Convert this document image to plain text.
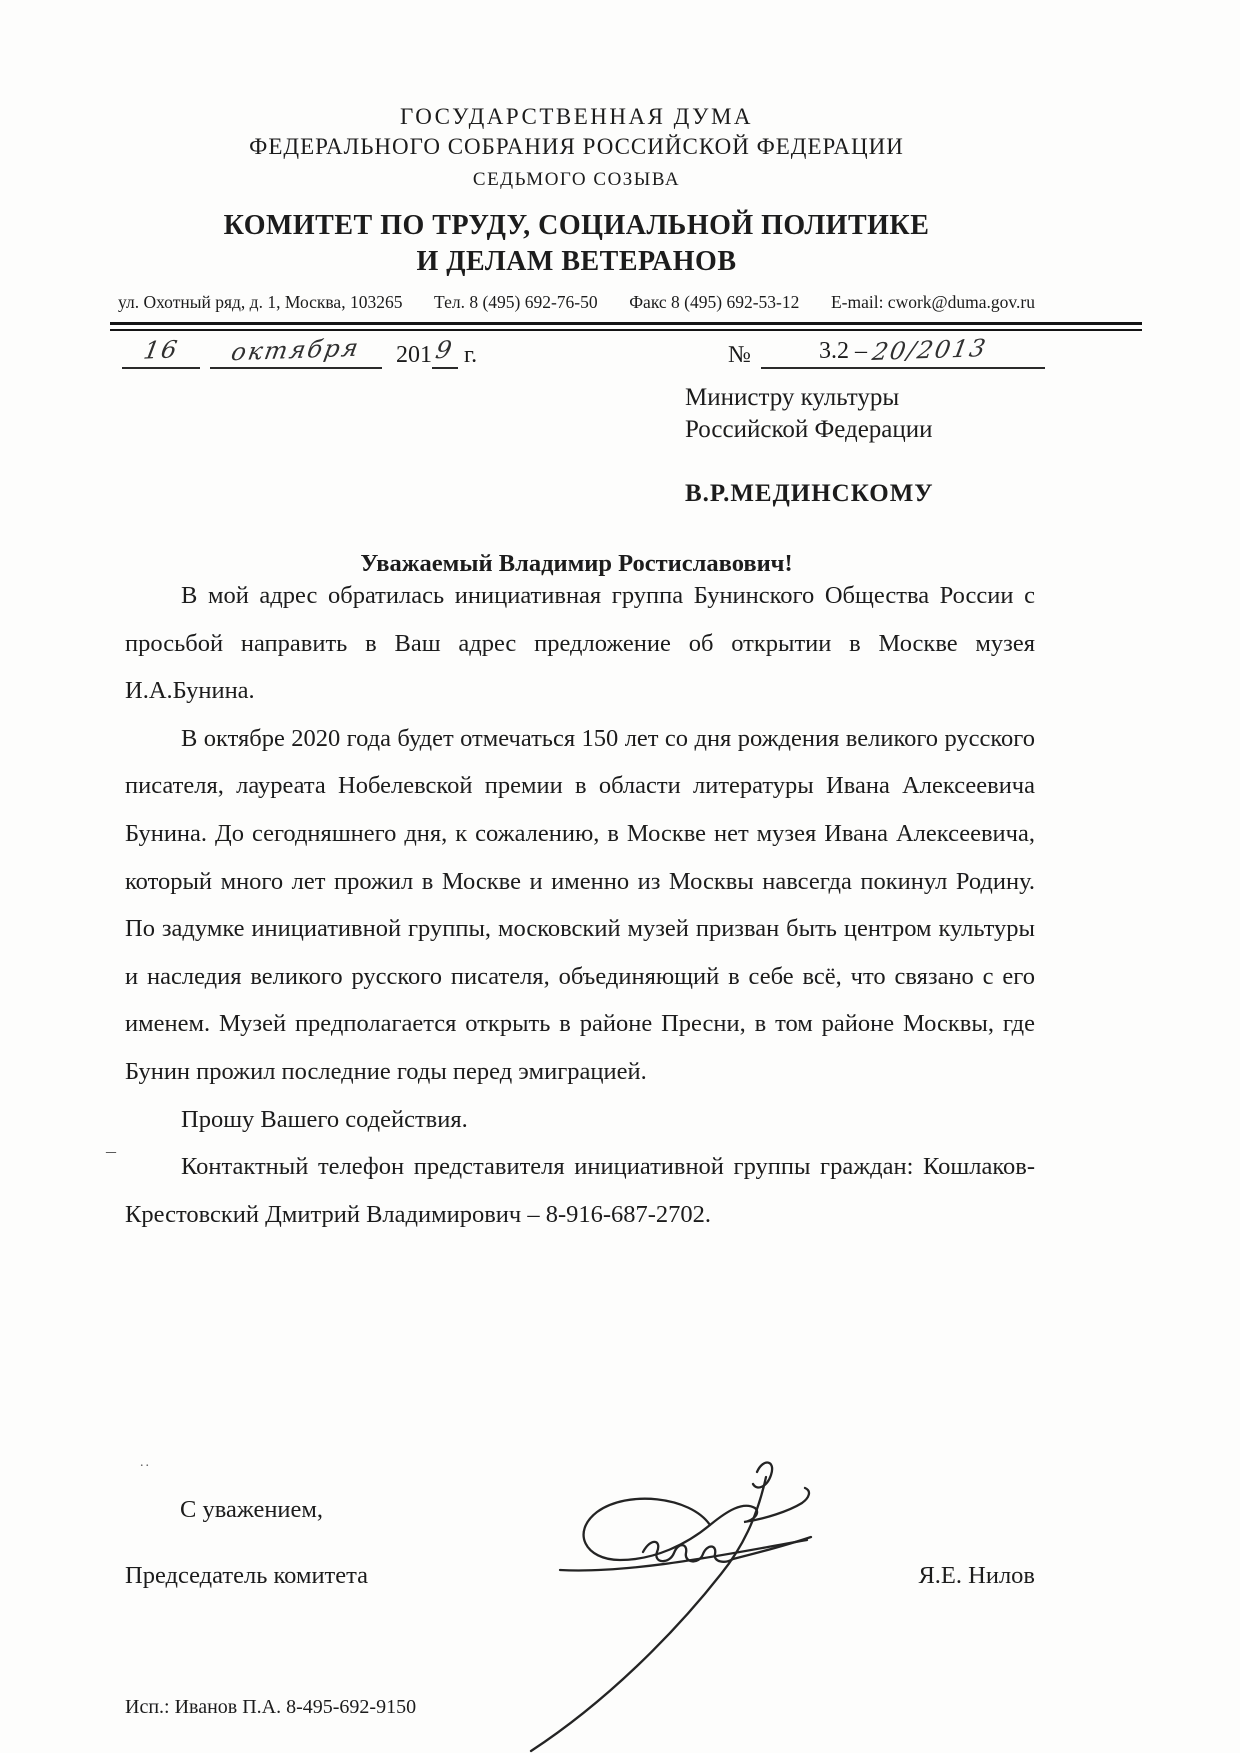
ГОСУДАРСТВЕННАЯ ДУМА
ФЕДЕРАЛЬНОГО СОБРАНИЯ РОССИЙСКОЙ ФЕДЕРАЦИИ
СЕДЬМОГО СОЗЫВА
КОМИТЕТ ПО ТРУДУ, СОЦИАЛЬНОЙ ПОЛИТИКЕ
И ДЕЛАМ ВЕТЕРАНОВ
ул. Охотный ряд, д. 1, Москва, 103265 Тел. 8 (495) 692-76-50 Факс 8 (495) 692-53-12 E-mail: cwork@duma.gov.ru
16 октября 2019 г.	№	3.2 – 20/2013
Министру культуры
Российской Федерации
В.Р.МЕДИНСКОМУ
Уважаемый Владимир Ростиславович!

В мой адрес обратилась инициативная группа Бунинского Общества России с просьбой направить в Ваш адрес предложение об открытии в Москве музея И.А.Бунина.

В октябре 2020 года будет отмечаться 150 лет со дня рождения великого русского писателя, лауреата Нобелевской премии в области литературы Ивана Алексеевича Бунина. До сегодняшнего дня, к сожалению, в Москве нет музея Ивана Алексеевича, который много лет прожил в Москве и именно из Москвы навсегда покинул Родину. По задумке инициативной группы, московский музей призван быть центром культуры и наследия великого русского писателя, объединяющий в себе всё, что связано с его именем. Музей предполагается открыть в районе Пресни, в том районе Москвы, где Бунин прожил последние годы перед эмиграцией.

Прошу Вашего содействия.

Контактный телефон представителя инициативной группы граждан: Кошлаков-Крестовский Дмитрий Владимирович – 8-916-687-2702.

С уважением,
Председатель комитета	Я.Е. Нилов
Исп.: Иванов П.А. 8-495-692-9150
–
..
